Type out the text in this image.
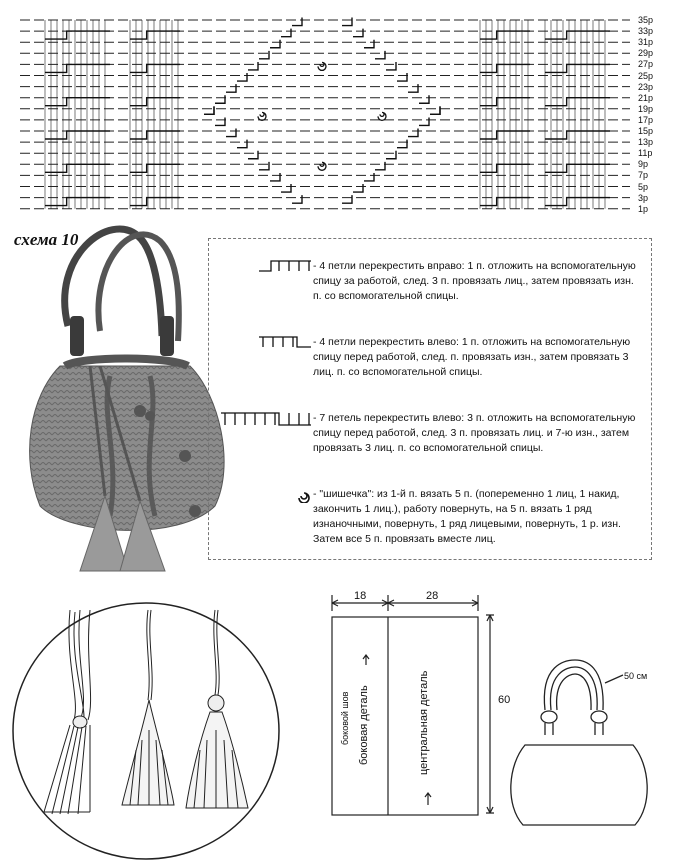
35р
33р
31р
29р
27р
25р
23р
21р
19р
17р
15р
13р
11р
9р
7р
5р
3р
1р
схема 10
- 4 петли перекрестить вправо: 1 п. отложить на вспомогательную спицу за работой, след. 3 п. провязать лиц., затем провязать изн. п. со вспомогательной спицы.
- 4 петли перекрестить влево: 1 п. отложить на вспомогательную спицу перед работой, след. п. провязать изн., затем провязать 3 лиц. п. со вспомогательной спицы.
- 7 петель перекрестить влево: 3 п. отложить на вспомогательную спицу перед работой, след. 3 п. провязать лиц. и 7-ю изн., затем провязать 3 лиц. п. со вспомогательной спицы.
- "шишечка": из 1-й п. вязать 5 п. (попеременно 1 лиц, 1 накид, закончить 1 лиц.), работу повернуть, на 5 п. вязать 1 ряд изнаночными, повернуть, 1 ряд лицевыми, повернуть, 1 р. изн. Затем все 5 п. провязать вместе лиц.
18	28
60
боковой шов боковая деталь	центральная деталь	50 см
